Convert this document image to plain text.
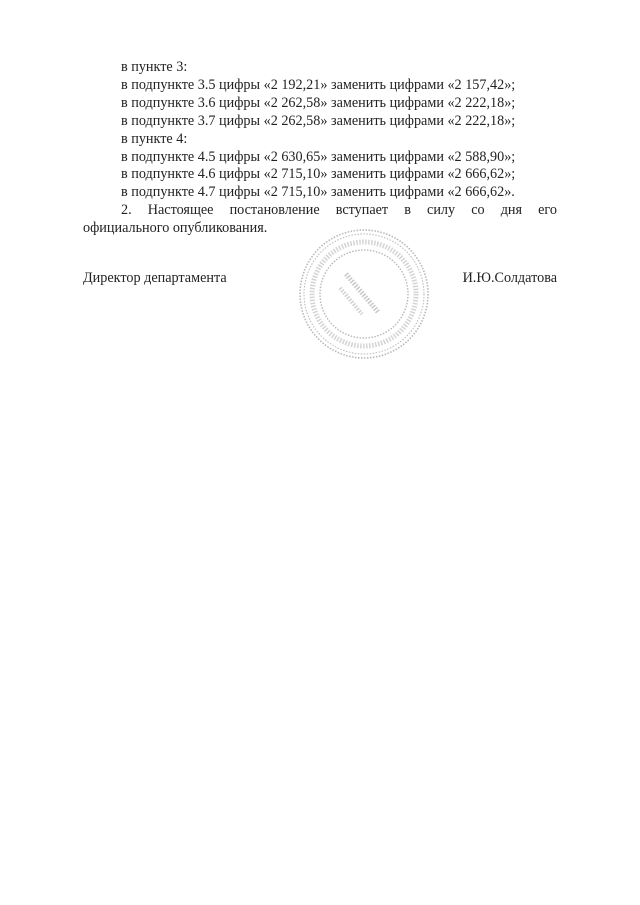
в пункте 3:

в подпункте 3.5 цифры «2 192,21» заменить цифрами «2 157,42»;

в подпункте 3.6 цифры «2 262,58» заменить цифрами «2 222,18»;

в подпункте 3.7 цифры «2 262,58» заменить цифрами «2 222,18»;

в пункте 4:

в подпункте 4.5 цифры «2 630,65» заменить цифрами «2 588,90»;

в подпункте 4.6 цифры «2 715,10» заменить цифрами «2 666,62»;

в подпункте 4.7 цифры «2 715,10» заменить цифрами «2 666,62».

2. Настоящее постановление вступает в силу со дня его

официального опубликования.

Директор департамента	И.Ю.Солдатова
